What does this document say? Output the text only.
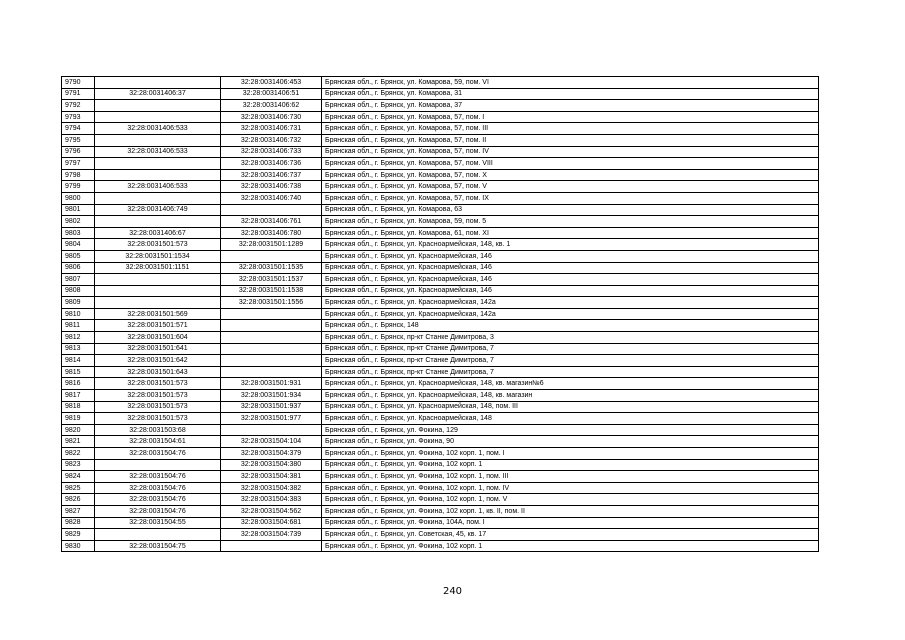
9790		32:28:0031406:453	Брянская обл., г. Брянск, ул. Комарова, 59, пом. VI
9791	32:28:0031406:37	32:28:0031406:51	Брянская обл., г. Брянск, ул. Комарова, 31
9792		32:28:0031406:62	Брянская обл., г. Брянск, ул. Комарова, 37
9793		32:28:0031406:730	Брянская обл., г. Брянск, ул. Комарова, 57, пом. I
9794	32:28:0031406:533	32:28:0031406:731	Брянская обл., г. Брянск, ул. Комарова, 57, пом. III
9795		32:28:0031406:732	Брянская обл., г. Брянск, ул. Комарова, 57, пом. II
9796	32:28:0031406:533	32:28:0031406:733	Брянская обл., г. Брянск, ул. Комарова, 57, пом. IV
9797		32:28:0031406:736	Брянская обл., г. Брянск, ул. Комарова, 57, пом. VIII
9798		32:28:0031406:737	Брянская обл., г. Брянск, ул. Комарова, 57, пом. X
9799	32:28:0031406:533	32:28:0031406:738	Брянская обл., г. Брянск, ул. Комарова, 57, пом. V
9800		32:28:0031406:740	Брянская обл., г. Брянск, ул. Комарова, 57, пом. IX
9801	32:28:0031406:749		Брянская обл., г. Брянск, ул. Комарова, 63
9802		32:28:0031406:761	Брянская обл., г. Брянск, ул. Комарова, 59, пом. 5
9803	32:28:0031406:67	32:28:0031406:780	Брянская обл., г. Брянск, ул. Комарова, 61, пом. XI
9804	32:28:0031501:573	32:28:0031501:1289	Брянская обл., г. Брянск, ул. Красноармейская, 148, кв. 1
9805	32:28:0031501:1534		Брянская обл., г. Брянск, ул. Красноармейская, 146
9806	32:28:0031501:1151	32:28:0031501:1535	Брянская обл., г. Брянск, ул. Красноармейская, 146
9807		32:28:0031501:1537	Брянская обл., г. Брянск, ул. Красноармейская, 146
9808		32:28:0031501:1538	Брянская обл., г. Брянск, ул. Красноармейская, 146
9809		32:28:0031501:1556	Брянская обл., г. Брянск, ул. Красноармейская, 142а
9810	32:28:0031501:569		Брянская обл., г. Брянск, ул. Красноармейская, 142а
9811	32:28:0031501:571		Брянская обл., г. Брянск, 148
9812	32:28:0031501:604		Брянская обл., г. Брянск, пр-кт Станке Димитрова, 3
9813	32:28:0031501:641		Брянская обл., г. Брянск, пр-кт Станке Димитрова, 7
9814	32:28:0031501:642		Брянская обл., г. Брянск, пр-кт Станке Димитрова, 7
9815	32:28:0031501:643		Брянская обл., г. Брянск, пр-кт Станке Димитрова, 7
9816	32:28:0031501:573	32:28:0031501:931	Брянская обл., г. Брянск, ул. Красноармейская, 148, кв. магазин№6
9817	32:28:0031501:573	32:28:0031501:934	Брянская обл., г. Брянск, ул. Красноармейская, 148, кв. магазин
9818	32:28:0031501:573	32:28:0031501:937	Брянская обл., г. Брянск, ул. Красноармейская, 148, пом. III
9819	32:28:0031501:573	32:28:0031501:977	Брянская обл., г. Брянск, ул. Красноармейская, 148
9820	32:28:0031503:68		Брянская обл., г. Брянск, ул. Фокина, 129
9821	32:28:0031504:61	32:28:0031504:104	Брянская обл., г. Брянск, ул. Фокина, 90
9822	32:28:0031504:76	32:28:0031504:379	Брянская обл., г. Брянск, ул. Фокина, 102 корп. 1, пом. I
9823		32:28:0031504:380	Брянская обл., г. Брянск, ул. Фокина, 102 корп. 1
9824	32:28:0031504:76	32:28:0031504:381	Брянская обл., г. Брянск, ул. Фокина, 102 корп. 1, пом. III
9825	32:28:0031504:76	32:28:0031504:382	Брянская обл., г. Брянск, ул. Фокина, 102 корп. 1, пом. IV
9826	32:28:0031504:76	32:28:0031504:383	Брянская обл., г. Брянск, ул. Фокина, 102 корп. 1, пом. V
9827	32:28:0031504:76	32:28:0031504:562	Брянская обл., г. Брянск, ул. Фокина, 102 корп. 1, кв. II, пом. II
9828	32:28:0031504:55	32:28:0031504:681	Брянская обл., г. Брянск, ул. Фокина, 104А, пом. I
9829		32:28:0031504:739	Брянская обл., г. Брянск, ул. Советская, 45, кв. 17
9830	32:28:0031504:75		Брянская обл., г. Брянск, ул. Фокина, 102 корп. 1
240
